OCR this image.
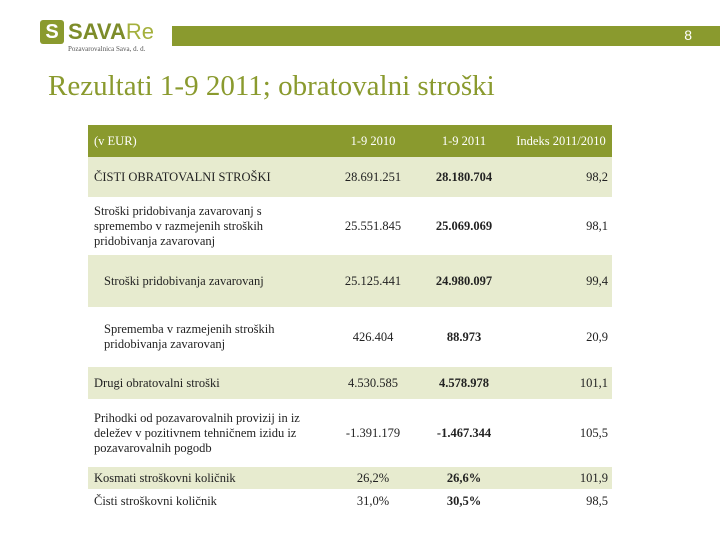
S SAVARe
Pozavarovalnica Sava, d. d.
8
Rezultati 1-9 2011; obratovalni stroški
(v EUR)	1-9 2010	1-9 2011	Indeks 2011/2010
ČISTI OBRATOVALNI STROŠKI	28.691.251	28.180.704	98,2
Stroški pridobivanja zavarovanj s spremembo v razmejenih stroških pridobivanja zavarovanj	25.551.845	25.069.069	98,1
Stroški pridobivanja zavarovanj	25.125.441	24.980.097	99,4
Sprememba v razmejenih stroških pridobivanja zavarovanj	426.404	88.973	20,9
Drugi obratovalni stroški	4.530.585	4.578.978	101,1
Prihodki od pozavarovalnih provizij in iz deležev v pozitivnem tehničnem izidu iz pozavarovalnih pogodb	-1.391.179	-1.467.344	105,5
Kosmati stroškovni količnik	26,2%	26,6%	101,9
Čisti stroškovni količnik	31,0%	30,5%	98,5
